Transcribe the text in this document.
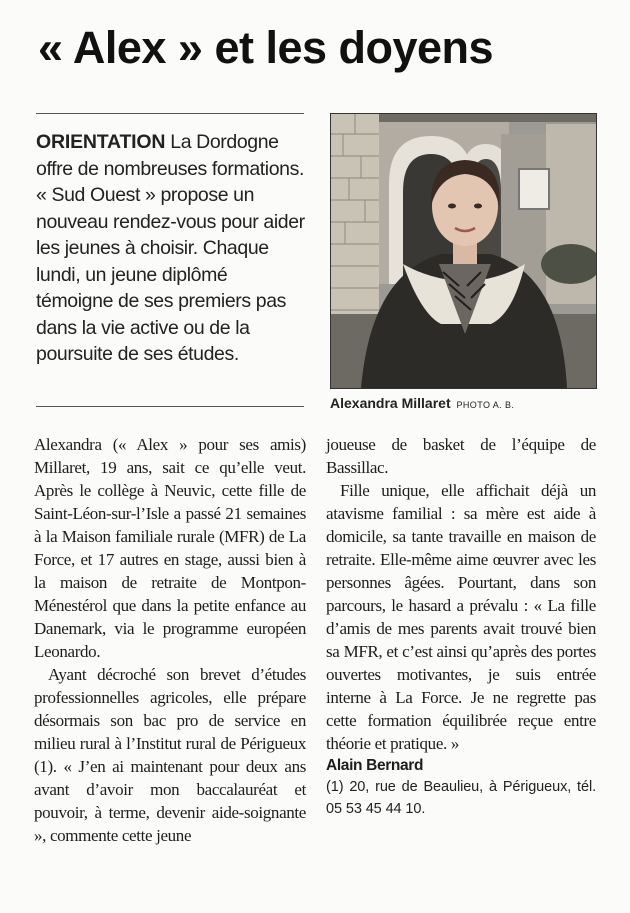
« Alex » et les doyens

ORIENTATION La Dordogne offre de nombreuses formations. « Sud Ouest » propose un nouveau rendez-vous pour aider les jeunes à choisir. Chaque lundi, un jeune diplômé témoigne de ses premiers pas dans la vie active ou de la poursuite de ses études.

Alexandra Millaret PHOTO A. B.

Alexandra (« Alex » pour ses amis) Millaret, 19 ans, sait ce qu’elle veut. Après le collège à Neuvic, cette fille de Saint-Léon-sur-l’Isle a passé 21 semaines à la Maison familiale rurale (MFR) de La Force, et 17 autres en stage, aussi bien à la maison de retraite de Montpon-Ménestérol que dans la petite enfance au Danemark, via le programme européen Leonardo.

Ayant décroché son brevet d’études professionnelles agricoles, elle prépare désormais son bac pro de service en milieu rural à l’Institut rural de Périgueux (1). « J’en ai maintenant pour deux ans avant d’avoir mon baccalauréat et pouvoir, à terme, devenir aide-soignante », commente cette jeune

joueuse de basket de l’équipe de Bassillac.

Fille unique, elle affichait déjà un atavisme familial : sa mère est aide à domicile, sa tante travaille en maison de retraite. Elle-même aime œuvrer avec les personnes âgées. Pourtant, dans son parcours, le hasard a prévalu : « La fille d’amis de mes parents avait trouvé bien sa MFR, et c’est ainsi qu’après des portes ouvertes motivantes, je suis entrée interne à La Force. Je ne regrette pas cette formation équilibrée reçue entre théorie et pratique. »

Alain Bernard

(1) 20, rue de Beaulieu, à Périgueux, tél. 05 53 45 44 10.
